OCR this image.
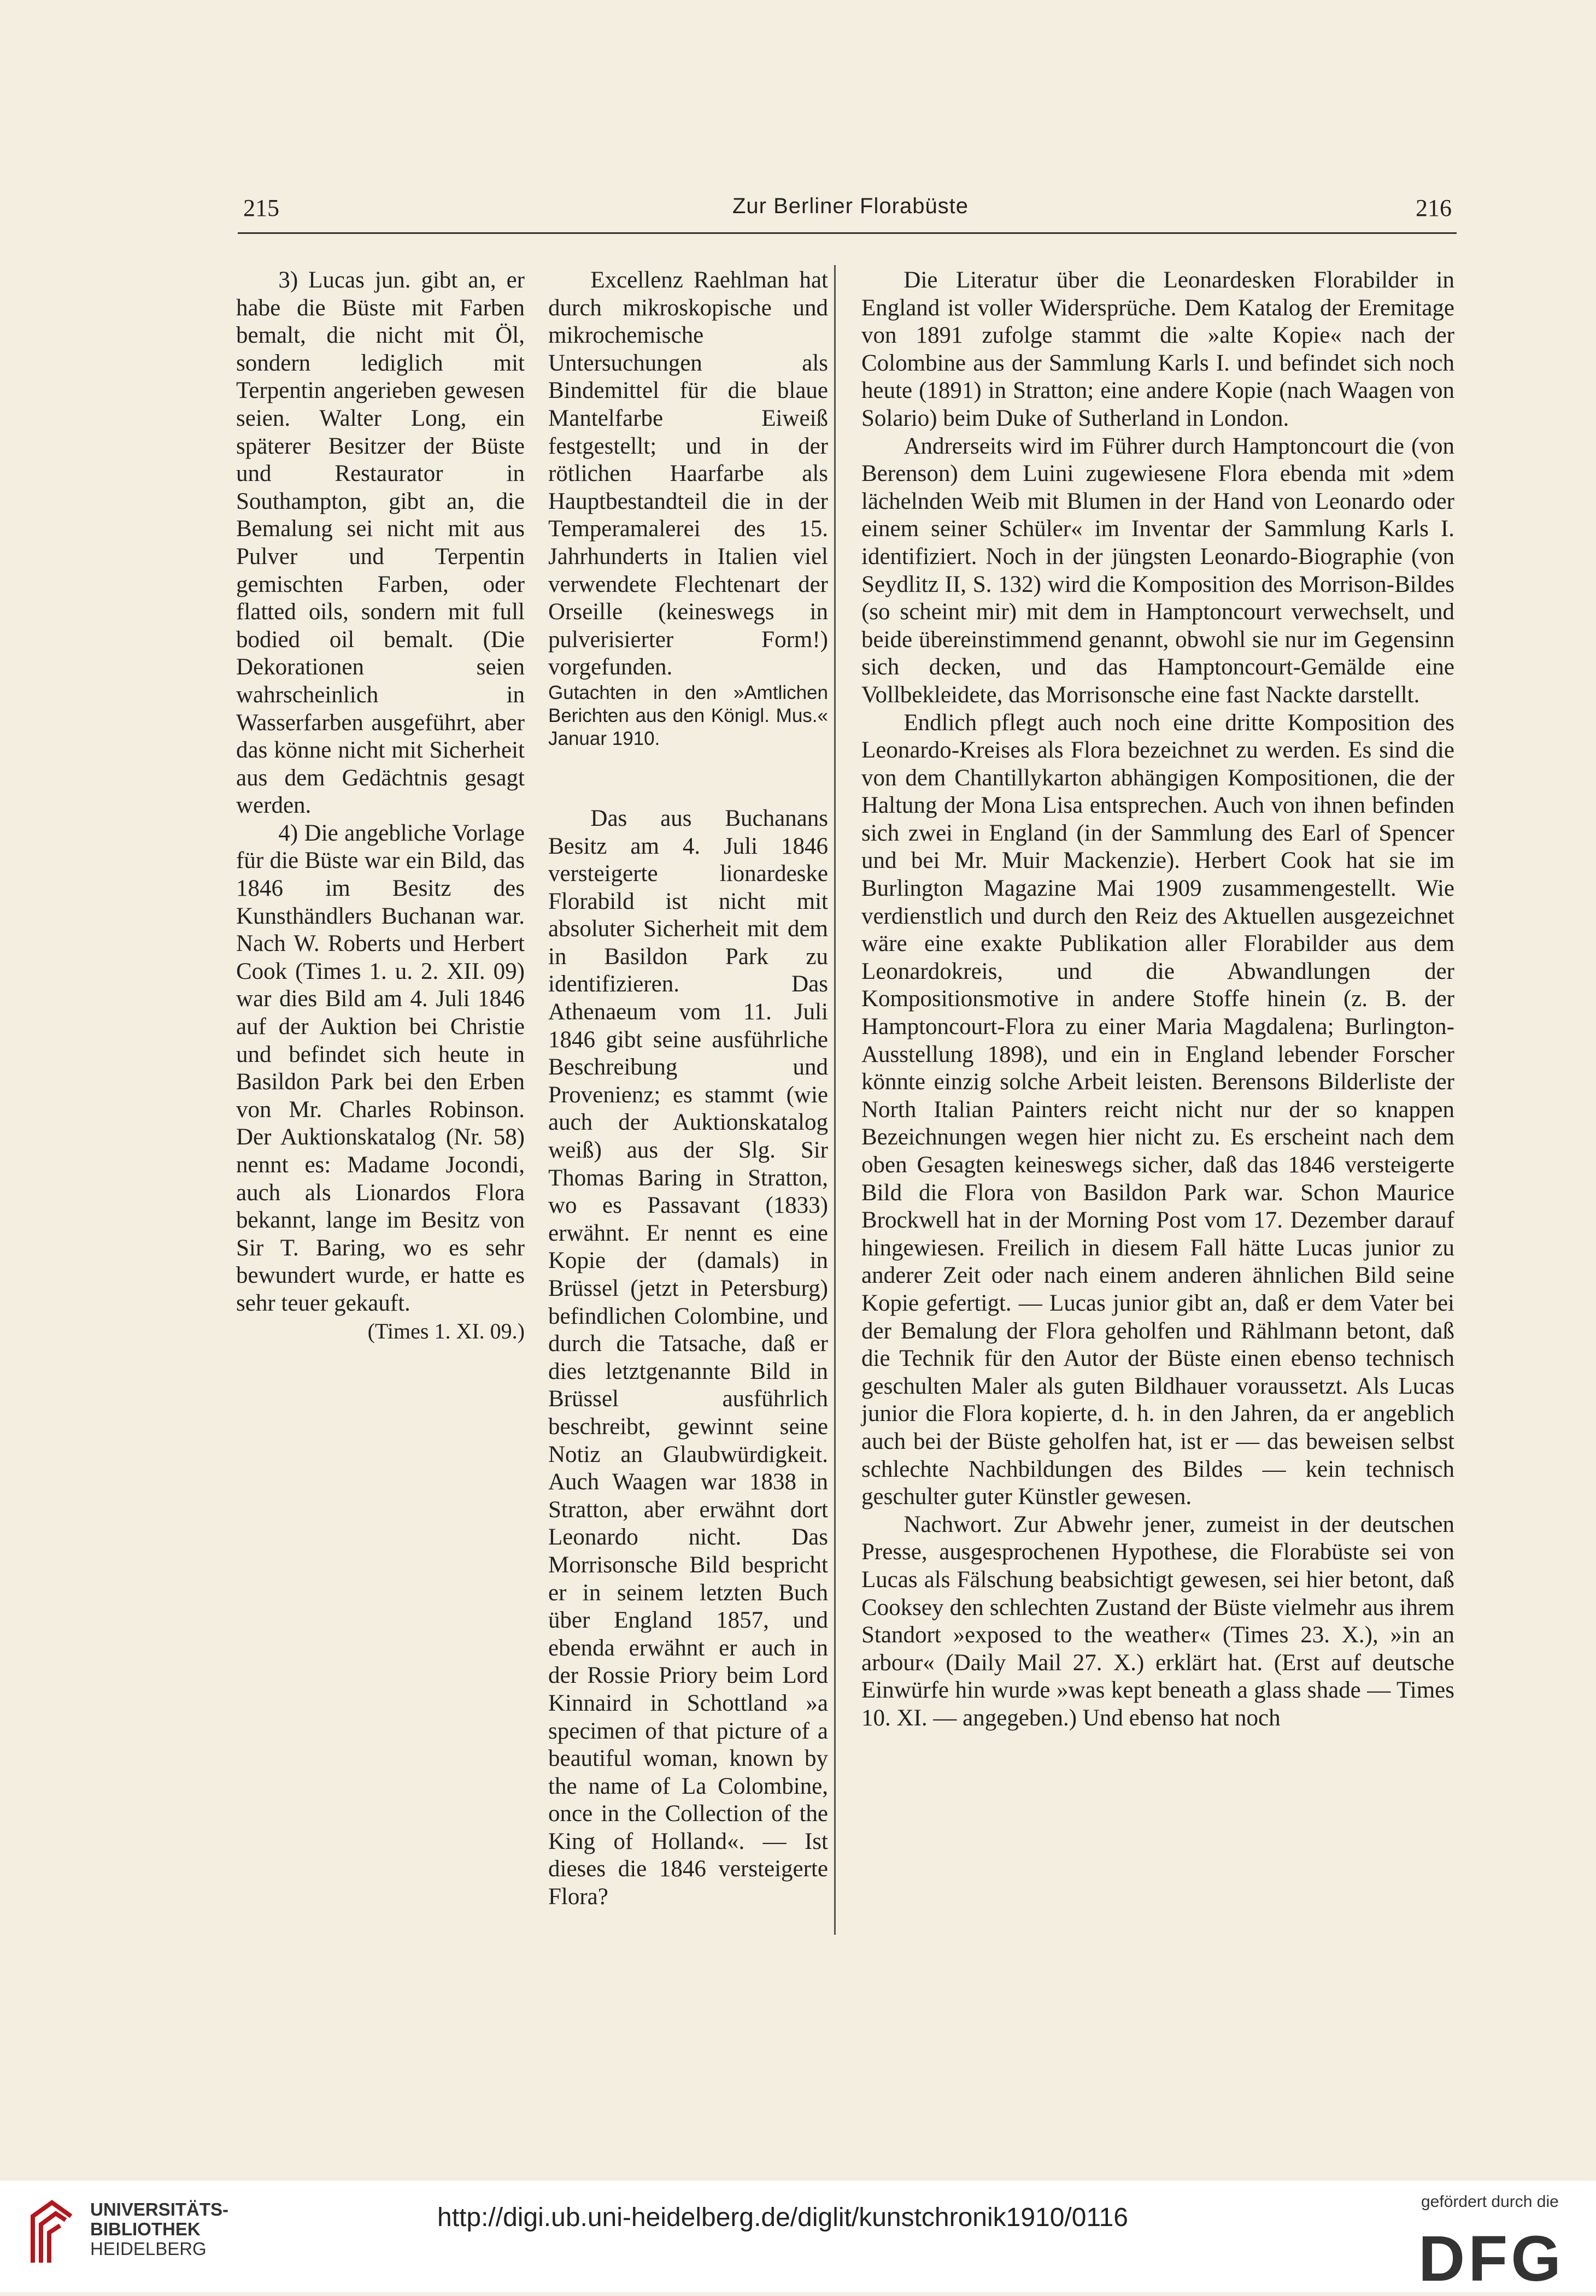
215	Zur Berliner Florabüste	216

3) Lucas jun. gibt an, er habe die Büste mit Farben bemalt, die nicht mit Öl, sondern lediglich mit Terpentin angerieben gewesen seien. Walter Long, ein späterer Besitzer der Büste und Restaurator in Southampton, gibt an, die Bemalung sei nicht mit aus Pulver und Terpentin gemischten Farben, oder flatted oils, sondern mit full bodied oil bemalt. (Die Dekorationen seien wahrscheinlich in Wasserfarben ausgeführt, aber das könne nicht mit Sicherheit aus dem Gedächtnis gesagt werden.

4) Die angebliche Vorlage für die Büste war ein Bild, das 1846 im Besitz des Kunsthändlers Buchanan war. Nach W. Roberts und Herbert Cook (Times 1. u. 2. XII. 09) war dies Bild am 4. Juli 1846 auf der Auktion bei Christie und befindet sich heute in Basildon Park bei den Erben von Mr. Charles Robinson. Der Auktionskatalog (Nr. 58) nennt es: Madame Jocondi, auch als Lionardos Flora bekannt, lange im Besitz von Sir T. Baring, wo es sehr bewundert wurde, er hatte es sehr teuer gekauft.

(Times 1. XI. 09.)

Excellenz Raehlman hat durch mikroskopische und mikrochemische Untersuchungen als Bindemittel für die blaue Mantelfarbe Eiweiß festgestellt; und in der rötlichen Haarfarbe als Hauptbestandteil die in der Temperamalerei des 15. Jahrhunderts in Italien viel verwendete Flechtenart der Orseille (keineswegs in pulverisierter Form!) vorgefunden.

Gutachten in den »Amtlichen Berichten aus den Königl. Mus.« Januar 1910.

Das aus Buchanans Besitz am 4. Juli 1846 versteigerte lionardeske Florabild ist nicht mit absoluter Sicherheit mit dem in Basildon Park zu identifizieren. Das Athenaeum vom 11. Juli 1846 gibt seine ausführliche Beschreibung und Provenienz; es stammt (wie auch der Auktionskatalog weiß) aus der Slg. Sir Thomas Baring in Stratton, wo es Passavant (1833) erwähnt. Er nennt es eine Kopie der (damals) in Brüssel (jetzt in Petersburg) befindlichen Colombine, und durch die Tatsache, daß er dies letztgenannte Bild in Brüssel ausführlich beschreibt, gewinnt seine Notiz an Glaubwürdigkeit. Auch Waagen war 1838 in Stratton, aber erwähnt dort Leonardo nicht. Das Morrisonsche Bild bespricht er in seinem letzten Buch über England 1857, und ebenda erwähnt er auch in der Rossie Priory beim Lord Kinnaird in Schottland »a specimen of that picture of a beautiful woman, known by the name of La Colombine, once in the Collection of the King of Holland«. — Ist dieses die 1846 versteigerte Flora?

Die Literatur über die Leonardesken Florabilder in England ist voller Widersprüche. Dem Katalog der Eremitage von 1891 zufolge stammt die »alte Kopie« nach der Colombine aus der Sammlung Karls I. und befindet sich noch heute (1891) in Stratton; eine andere Kopie (nach Waagen von Solario) beim Duke of Sutherland in London.

Andrerseits wird im Führer durch Hamptoncourt die (von Berenson) dem Luini zugewiesene Flora ebenda mit »dem lächelnden Weib mit Blumen in der Hand von Leonardo oder einem seiner Schüler« im Inventar der Sammlung Karls I. identifiziert. Noch in der jüngsten Leonardo-Biographie (von Seydlitz II, S. 132) wird die Komposition des Morrison-Bildes (so scheint mir) mit dem in Hamptoncourt verwechselt, und beide übereinstimmend genannt, obwohl sie nur im Gegensinn sich decken, und das Hamptoncourt-Gemälde eine Vollbekleidete, das Morrisonsche eine fast Nackte darstellt.

Endlich pflegt auch noch eine dritte Komposition des Leonardo-Kreises als Flora bezeichnet zu werden. Es sind die von dem Chantillykarton abhängigen Kompositionen, die der Haltung der Mona Lisa entsprechen. Auch von ihnen befinden sich zwei in England (in der Sammlung des Earl of Spencer und bei Mr. Muir Mackenzie). Herbert Cook hat sie im Burlington Magazine Mai 1909 zusammengestellt. Wie verdienstlich und durch den Reiz des Aktuellen ausgezeichnet wäre eine exakte Publikation aller Florabilder aus dem Leonardokreis, und die Abwandlungen der Kompositionsmotive in andere Stoffe hinein (z. B. der Hamptoncourt-Flora zu einer Maria Magdalena; Burlington-Ausstellung 1898), und ein in England lebender Forscher könnte einzig solche Arbeit leisten. Berensons Bilderliste der North Italian Painters reicht nicht nur der so knappen Bezeichnungen wegen hier nicht zu. Es erscheint nach dem oben Gesagten keineswegs sicher, daß das 1846 versteigerte Bild die Flora von Basildon Park war. Schon Maurice Brockwell hat in der Morning Post vom 17. Dezember darauf hingewiesen. Freilich in diesem Fall hätte Lucas junior zu anderer Zeit oder nach einem anderen ähnlichen Bild seine Kopie gefertigt. — Lucas junior gibt an, daß er dem Vater bei der Bemalung der Flora geholfen und Rählmann betont, daß die Technik für den Autor der Büste einen ebenso technisch geschulten Maler als guten Bildhauer voraussetzt. Als Lucas junior die Flora kopierte, d. h. in den Jahren, da er angeblich auch bei der Büste geholfen hat, ist er — das beweisen selbst schlechte Nachbildungen des Bildes — kein technisch geschulter guter Künstler gewesen.

Nachwort. Zur Abwehr jener, zumeist in der deutschen Presse, ausgesprochenen Hypothese, die Florabüste sei von Lucas als Fälschung beabsichtigt gewesen, sei hier betont, daß Cooksey den schlechten Zustand der Büste vielmehr aus ihrem Standort »exposed to the weather« (Times 23. X.), »in an arbour« (Daily Mail 27. X.) erklärt hat. (Erst auf deutsche Einwürfe hin wurde »was kept beneath a glass shade — Times 10. XI. — angegeben.) Und ebenso hat noch

UNIVERSITÄTS-
BIBLIOTHEK
HEIDELBERG
http://digi.ub.uni-heidelberg.de/diglit/kunstchronik1910/0116
gefördert durch die
DFG
